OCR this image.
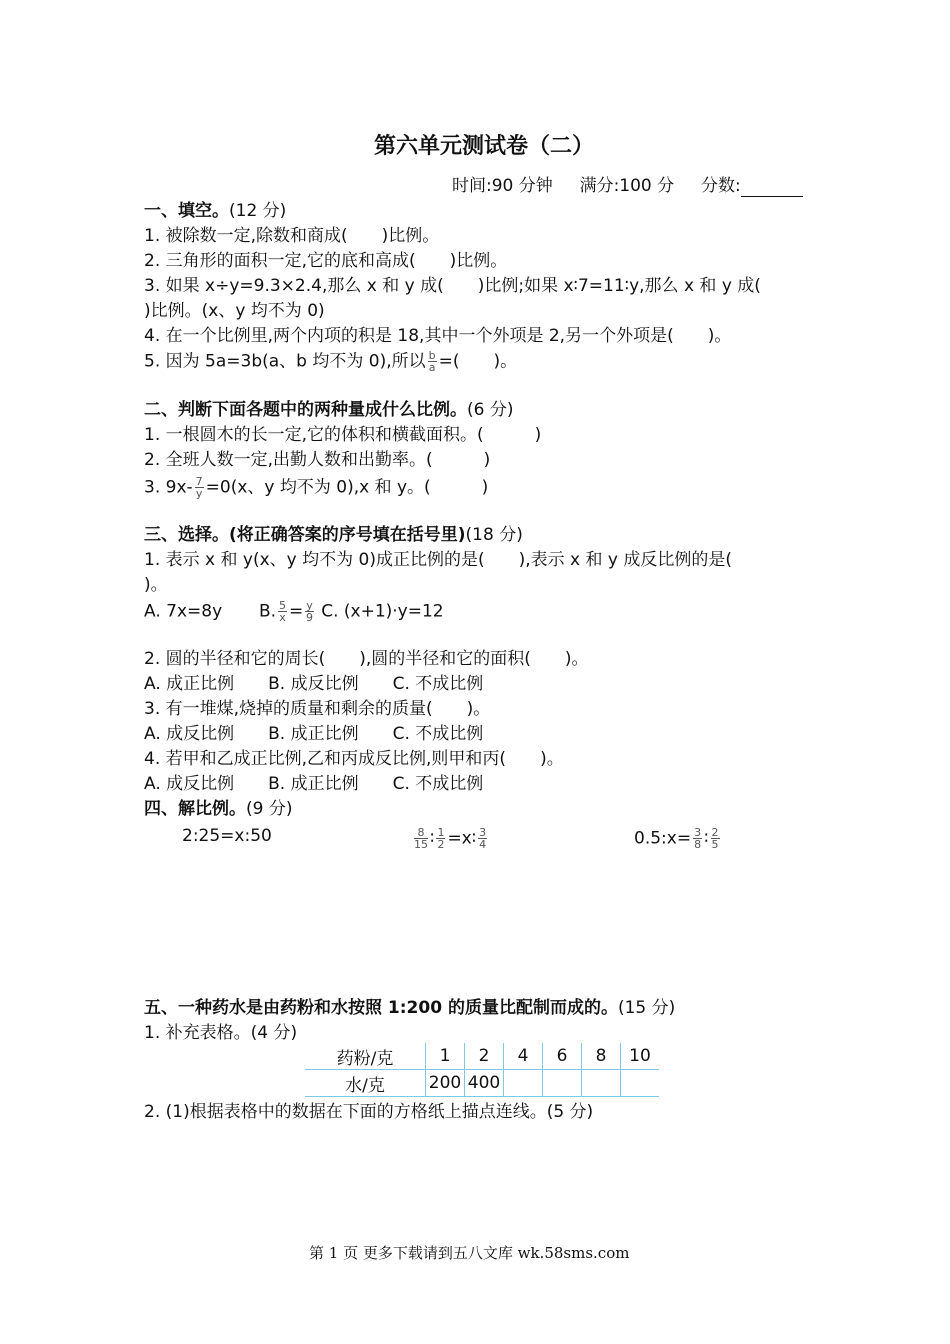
第六单元测试卷（二）
时间:90 分钟 满分:100 分 分数:
一、填空。(12 分)
1. 被除数一定,除数和商成(　　)比例。
2. 三角形的面积一定,它的底和高成(　　)比例。
3. 如果 x÷y=9.3×2.4,那么 x 和 y 成(　　)比例;如果 x∶7=11∶y,那么 x 和 y 成(
)比例。(x、y 均不为 0)
4. 在一个比例里,两个内项的积是 18,其中一个外项是 2,另一个外项是(　　)。
5. 因为 5a=3b(a、b 均不为 0),所以 $\frac{b}{a}$ =(　　)。
二、判断下面各题中的两种量成什么比例。(6 分)
1. 一根圆木的长一定,它的体积和横截面积。(　　　)
2. 全班人数一定,出勤人数和出勤率。(　　　)
3. $9x- \frac{7}{y} =0(x$、y 均不为 0),x 和 y。(　　　)
三、选择。(将正确答案的序号填在括号里)(18 分)
1. 表示 x 和 y(x、y 均不为 0)成正比例的是(　　),表示 x 和 y 成反比例的是(
)。
A. 7x=8y B. $\frac{5}{x} = \frac{y}{9} C$. (x+1)·y=12
2. 圆的半径和它的周长(　　),圆的半径和它的面积(　　)。
A. 成正比例　　B. 成反比例　　C. 不成比例
3. 有一堆煤,烧掉的质量和剩余的质量(　　)。
A. 成反比例　　B. 成正比例　　C. 不成比例
4. 若甲和乙成正比例,乙和丙成反比例,则甲和丙(　　)。
A. 成反比例　　B. 成正比例　　C. 不成比例
四、解比例。(9 分)
2:25=x:50	$\frac{8}{15}$ ∶ $\frac{1}{2}$ =x∶ $\frac{3}{4}$	0.5:x= $\frac{3}{8}$ ∶ $\frac{2}{5}$
五、一种药水是由药粉和水按照 1:200 的质量比配制而成的。(15 分)
1. 补充表格。(4 分)
药粉/克	1	2	4	6	8	10
水/克	200	400				
2. (1)根据表格中的数据在下面的方格纸上描点连线。(5 分)
第 1 页 更多下载请到五八文库 wk.58sms.com
